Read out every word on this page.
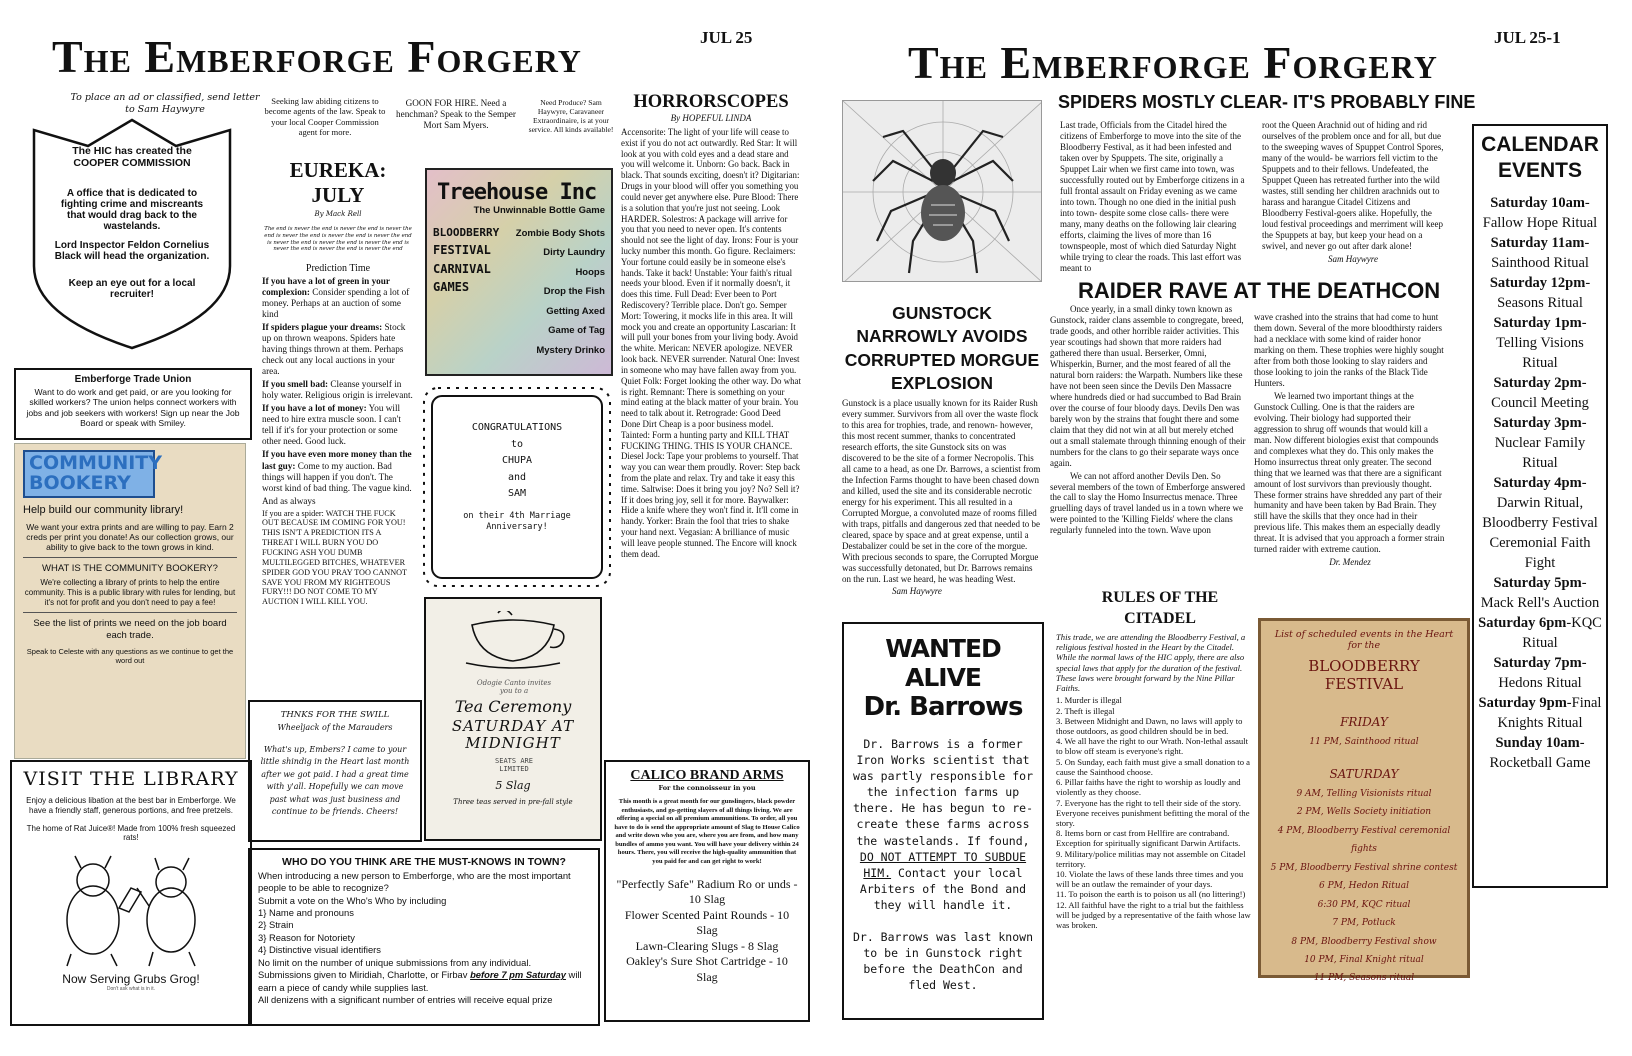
The Emberforge Forgery	JUL 25
To place an ad or classified, send letter to Sam Haywyre
The HIC has created the COOPER COMMISSION
A office that is dedicated to fighting crime and miscreants that would drag back to the wastelands.
Lord Inspector Feldon Cornelius Black will head the organization.
Keep an eye out for a local recruiter!
Emberforge Trade Union
Want to do work and get paid, or are you looking for skilled workers? The union helps connect workers with jobs and job seekers with workers! Sign up near the Job Board or speak with Smiley.
COMMUNITY BOOKERY
Help build our community library!
We want your extra prints and are willing to pay. Earn 2 creds per print you donate! As our collection grows, our ability to give back to the town grows in kind.
WHAT IS THE COMMUNITY BOOKERY?
We're collecting a library of prints to help the entire community. This is a public library with rules for lending, but it's not for profit and you don't need to pay a fee!
See the list of prints we need on the job board each trade.
Speak to Celeste with any questions as we continue to get the word out
VISIT THE LIBRARY
Enjoy a delicious libation at the best bar in Emberforge. We have a friendly staff, generous portions, and free pretzels.
The home of Rat Juice®! Made from 100% fresh squeezed rats!
Now Serving Grubs Grog!
Don't ask what is in it.
Seeking law abiding citizens to become agents of the law. Speak to your local Cooper Commission agent for more.
GOON FOR HIRE. Need a henchman? Speak to the Semper Mort Sam Myers.
Need Produce? Sam Haywyre, Caravaneer Extraordinaire, is at your service. All kinds available!
EUREKA: JULY
By Mack Rell
The end is never the end is never the end is never the end is never the end is never the end is never the end is never the end is never the end is never the end is never the end is never the end is never the end
Prediction Time

If you have a lot of green in your complexion: Consider spending a lot of money. Perhaps at an auction of some kind

If spiders plague your dreams: Stock up on thrown weapons. Spiders hate having things thrown at them. Perhaps check out any local auctions in your area.

If you smell bad: Cleanse yourself in holy water. Religious origin is irrelevant.

If you have a lot of money: You will need to hire extra muscle soon. I can't tell if it's for your protection or some other need. Good luck.

If you have even more money than the last guy: Come to my auction. Bad things will happen if you don't. The worst kind of bad thing. The vague kind.

And as always

If you are a spider: WATCH THE FUCK OUT BECAUSE IM COMING FOR YOU! THIS ISN'T A PREDICTION ITS A THREAT I WILL BURN YOU DO FUCKING ASH YOU DUMB MULTILEGGED BITCHES, WHATEVER SPIDER GOD YOU PRAY TOO CANNOT SAVE YOU FROM MY RIGHTEOUS FURY!!! DO NOT COME TO MY AUCTION I WILL KILL YOU.

Treehouse Inc
The Unwinnable Bottle Game
BLOODBERRY
FESTIVAL
CARNIVAL
GAMES
Zombie Body Shots
Dirty Laundry Hoops
Drop the Fish
Getting Axed
Game of Tag
Mystery Drinko
CONGRATULATIONS
to
CHUPA
and
SAM
on their 4th Marriage Anniversary!
THNKS FOR THE SWILL
Wheeljack of the Marauders
What's up, Embers? I came to your little shindig in the Heart last month after we got paid. I had a great time with y'all. Hopefully we can move past what was just business and continue to be friends. Cheers!
Odogie Canto invites you to a
Tea Ceremony
SATURDAY AT MIDNIGHT
SEATS ARE LIMITED
5 Slag
Three teas served in pre-fall style
HORRORSCOPES
By HOPEFUL LINDA
Accensorite: The light of your life will cease to exist if you do not act outwardly. Red Star: It will look at you with cold eyes and a dead stare and you will welcome it. Unborn: Go back. Back in black. That sounds exciting, doesn't it? Digitarian: Drugs in your blood will offer you something you could never get anywhere else. Pure Blood: There is a solution that you're just not seeing. Look HARDER. Solestros: A package will arrive for you that you need to never open. It's contents should not see the light of day. Irons: Four is your lucky number this month. Go figure. Reclaimers: Your fortune could easily be in someone else's hands. Take it back! Unstable: Your faith's ritual needs your blood. Even if it normally doesn't, it does this time. Full Dead: Ever been to Port Rediscovery? Terrible place. Don't go. Semper Mort: Towering, it mocks life in this area. It will mock you and create an opportunity Lascarian: It will pull your bones from your living body. Avoid the white. Merican: NEVER apologize. NEVER look back. NEVER surrender. Natural One: Invest in someone who may have fallen away from you. Quiet Folk: Forget looking the other way. Do what is right. Remnant: There is something on your mind eating at the black matter of your brain. You need to talk about it. Retrograde: Good Deed Done Dirt Cheap is a poor business model. Tainted: Form a hunting party and KILL THAT FUCKING THING. THIS IS YOUR CHANCE. Diesel Jock: Tape your problems to yourself. That way you can wear them proudly. Rover: Step back from the plate and relax. Try and take it easy this time. Saltwise: Does it bring you joy? No? Sell it? If it does bring joy, sell it for more. Baywalker: Hide a knife where they won't find it. It'll come in handy. Yorker: Brain the fool that tries to shake your hand next. Vegasian: A brilliance of music will leave people stunned. The Encore will knock them dead.
CALICO BRAND ARMS
For the connoisseur in you
This month is a great month for our gunslingers, black powder enthusiasts, and go-getting slayers of all things living. We are offering a special on all premium ammunitions. To order, all you have to do is send the appropriate amount of Slag to House Calico and write down who you are, where you are from, and how many bundles of ammo you want. You will have your delivery within 24 hours. There, you will receive the high-quality ammunition that you paid for and can get right to work!
"Perfectly Safe" Radium Ro or unds - 10 Slag
Flower Scented Paint Rounds - 10 Slag
Lawn-Clearing Slugs - 8 Slag
Oakley's Sure Shot Cartridge - 10 Slag
WHO DO YOU THINK ARE THE MUST-KNOWS IN TOWN?
When introducing a new person to Emberforge, who are the most important people to be able to recognize?
Submit a vote on the Who's Who by including
1} Name and pronouns
2} Strain
3} Reason for Notoriety
4} Distinctive visual identifiers
No limit on the number of unique submissions from any individual.
Submissions given to Miridiah, Charlotte, or Firbav before 7 pm Saturday will earn a piece of candy while supplies last.
All denizens with a significant number of entries will receive equal prize
The Emberforge Forgery	JUL 25-1
SPIDERS MOSTLY CLEAR- IT'S PROBABLY FINE
Last trade, Officials from the Citadel hired the citizens of Emberforge to move into the site of the Bloodberry Festival, as it had been infested and taken over by Spuppets. The site, originally a Spuppet Lair when we first came into town, was successfully routed out by Emberforge citizens in a full frontal assault on Friday evening as we came into town. Though no one died in the initial push into town- despite some close calls- there were many, many deaths on the following lair clearing efforts, claiming the lives of more than 16 townspeople, most of which died Saturday Night while trying to clear the roads. This last effort was meant to
root the Queen Arachnid out of hiding and rid ourselves of the problem once and for all, but due to the sweeping waves of Spuppet Control Spores, many of the would- be warriors fell victim to the Spuppets and to their fellows. Undefeated, the Spuppet Queen has retreated further into the wild wastes, still sending her children arachnids out to harass and harangue Citadel Citizens and Bloodberry Festival-goers alike. Hopefully, the loud festival proceedings and merriment will keep the Spuppets at bay, but keep your head on a swivel, and never go out after dark alone!
Sam Haywyre
RAIDER RAVE AT THE DEATHCON

Once yearly, in a small dinky town known as Gunstock, raider clans assemble to congregate, breed, trade goods, and other horrible raider activities. This year scoutings had shown that more raiders had gathered there than usual. Berserker, Omni, Whisperkin, Burner, and the most feared of all the natural born raiders: the Warpath. Numbers like these have not been seen since the Devils Den Massacre where hundreds died or had succumbed to Bad Brain over the course of four bloody days. Devils Den was barely won by the strains that fought there and some claim that they did not win at all but merely etched out a small stalemate through thinning enough of their numbers for the clans to go their separate ways once again.

We can not afford another Devils Den. So several members of the town of Emberforge answered the call to slay the Homo Insurrectus menace. Three gruelling days of travel landed us in a town where we were pointed to the 'Killing Fields' where the clans regularly funneled into the town. Wave upon

wave crashed into the strains that had come to hunt them down. Several of the more bloodthirsty raiders had a necklace with some kind of raider honor marking on them. These trophies were highly sought after from both those looking to slay raiders and those looking to join the ranks of the Black Tide Hunters.

We learned two important things at the Gunstock Culling. One is that the raiders are evolving. Their biology had supported their aggression to shrug off wounds that would kill a man. Now different biologies exist that compounds and complexes what they do. This only makes the Homo insurrectus threat only greater. The second thing that we learned was that there are a significant amount of lost survivors than previously thought. These former strains have shredded any part of their humanity and have been taken by Bad Brain. They still have the skills that they once had in their previous life. This makes them an especially deadly threat. It is advised that you approach a former strain turned raider with extreme caution.

Dr. Mendez
GUNSTOCK NARROWLY AVOIDS CORRUPTED MORGUE EXPLOSION
Gunstock is a place usually known for its Raider Rush every summer. Survivors from all over the waste flock to this area for trophies, trade, and renown- however, this most recent summer, thanks to concentrated research efforts, the site Gunstock sits on was discovered to be the site of a former Necropolis. This all came to a head, as one Dr. Barrows, a scientist from the Infection Farms thought to have been chased down and killed, used the site and its considerable necrotic energy for his experiment. This all resulted in a Corrupted Morgue, a convoluted maze of rooms filled with traps, pitfalls and dangerous zed that needed to be cleared, space by space and at great expense, until a Destabalizer could be set in the core of the morgue. With precious seconds to spare, the Corrupted Morgue was successfully detonated, but Dr. Barrows remains on the run. Last we heard, he was heading West.
Sam Haywyre
WANTED ALIVE
Dr. Barrows
Dr. Barrows is a former Iron Works scientist that was partly responsible for the infection farms up there. He has begun to re-create these farms across the wastelands. If found, DO NOT ATTEMPT TO SUBDUE HIM. Contact your local Arbiters of the Bond and they will handle it.
Dr. Barrows was last known to be in Gunstock right before the DeathCon and fled West.
RULES OF THE CITADEL

This trade, we are attending the Bloodberry Festival, a religious festival hosted in the Heart by the Citadel. While the normal laws of the HIC apply, there are also special laws that apply for the duration of the festival. These laws were brought forward by the Nine Pillar Faiths.

1. Murder is illegal
2. Theft is illegal
3. Between Midnight and Dawn, no laws will apply to those outdoors, as good children should be in bed.
4. We all have the right to our Wrath. Non-lethal assault to blow off steam is everyone's right.
5. On Sunday, each faith must give a small donation to a cause the Sainthood choose.
6. Pillar faiths have the right to worship as loudly and violently as they choose.
7. Everyone has the right to tell their side of the story. Everyone receives punishment befitting the moral of the story.
8. Items born or cast from Hellfire are contraband. Exception for spiritually significant Darwin Artifacts.
9. Military/police militias may not assemble on Citadel territory.
10. Violate the laws of these lands three times and you will be an outlaw the remainder of your days.
11. To poison the earth is to poison us all (no littering!)
12. All faithful have the right to a trial but the faithless will be judged by a representative of the faith whose law was broken.
List of scheduled events in the Heart for the
BLOODBERRY FESTIVAL
FRIDAY
11 PM, Sainthood ritual
SATURDAY
9 AM, Telling Visionists ritual
2 PM, Wells Society initiation
4 PM, Bloodberry Festival ceremonial fights
5 PM, Bloodberry Festival shrine contest
6 PM, Hedon Ritual
6:30 PM, KQC ritual
7 PM, Potluck
8 PM, Bloodberry Festival show
10 PM, Final Knight ritual
11 PM, Seasons ritual
CALENDAR EVENTS
Saturday 10am-Fallow Hope Ritual
Saturday 11am-Sainthood Ritual
Saturday 12pm-Seasons Ritual
Saturday 1pm-Telling Visions Ritual
Saturday 2pm-Council Meeting
Saturday 3pm-Nuclear Family Ritual
Saturday 4pm-Darwin Ritual, Bloodberry Festival Ceremonial Faith Fight
Saturday 5pm-Mack Rell's Auction
Saturday 6pm-KQC Ritual
Saturday 7pm-Hedons Ritual
Saturday 9pm-Final Knights Ritual
Sunday 10am-Rocketball Game
